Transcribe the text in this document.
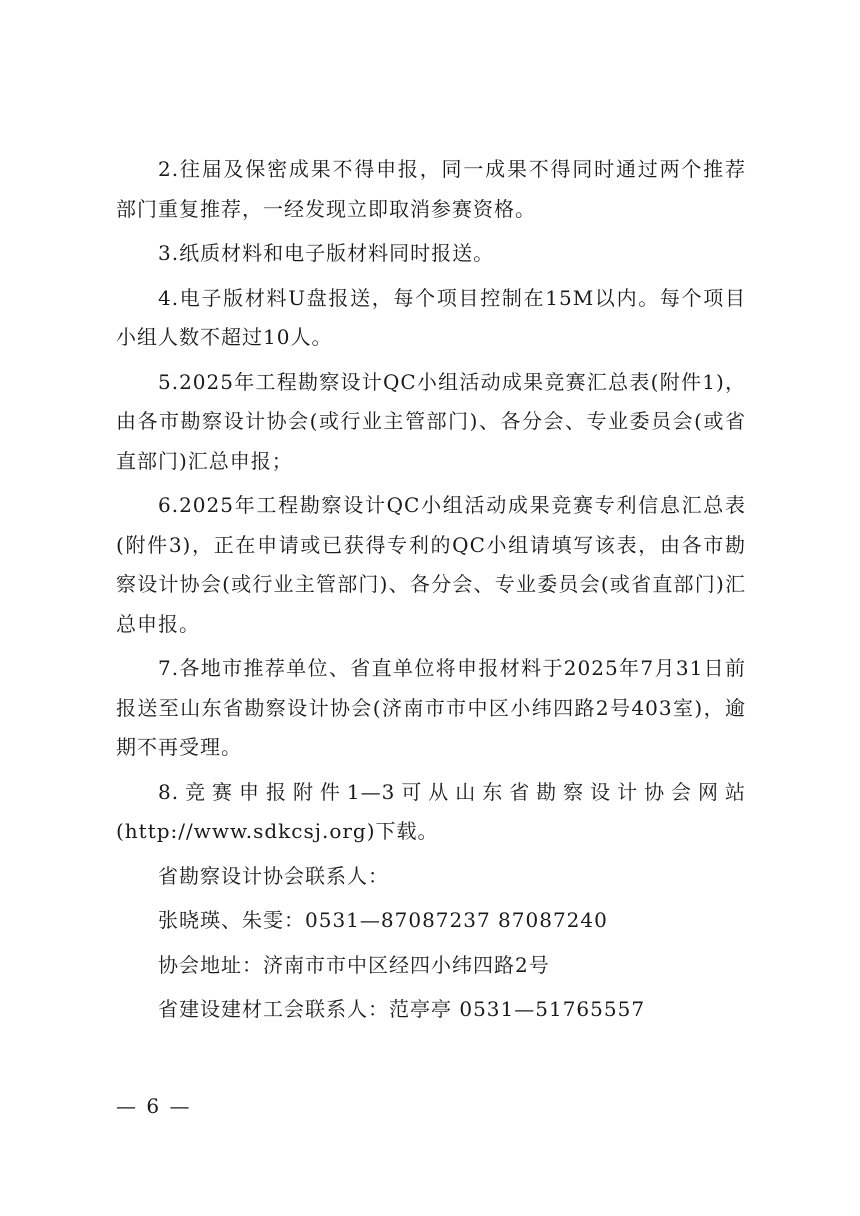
2.往届及保密成果不得申报，同一成果不得同时通过两个推荐部门重复推荐，一经发现立即取消参赛资格。

3.纸质材料和电子版材料同时报送。

4.电子版材料U盘报送，每个项目控制在15M以内。每个项目小组人数不超过10人。

5.2025年工程勘察设计QC小组活动成果竞赛汇总表(附件1)，由各市勘察设计协会(或行业主管部门)、各分会、专业委员会(或省直部门)汇总申报；

6.2025年工程勘察设计QC小组活动成果竞赛专利信息汇总表(附件3)，正在申请或已获得专利的QC小组请填写该表，由各市勘察设计协会(或行业主管部门)、各分会、专业委员会(或省直部门)汇总申报。

7.各地市推荐单位、省直单位将申报材料于2025年7月31日前报送至山东省勘察设计协会(济南市市中区小纬四路2号403室)，逾期不再受理。

8.竞赛申报附件1—3可从山东省勘察设计协会网站(http://www.sdkcsj.org)下载。

省勘察设计协会联系人：

张晓瑛、朱雯：0531—87087237 87087240

协会地址：济南市市中区经四小纬四路2号

省建设建材工会联系人：范亭亭 0531—51765557

— 6 —
